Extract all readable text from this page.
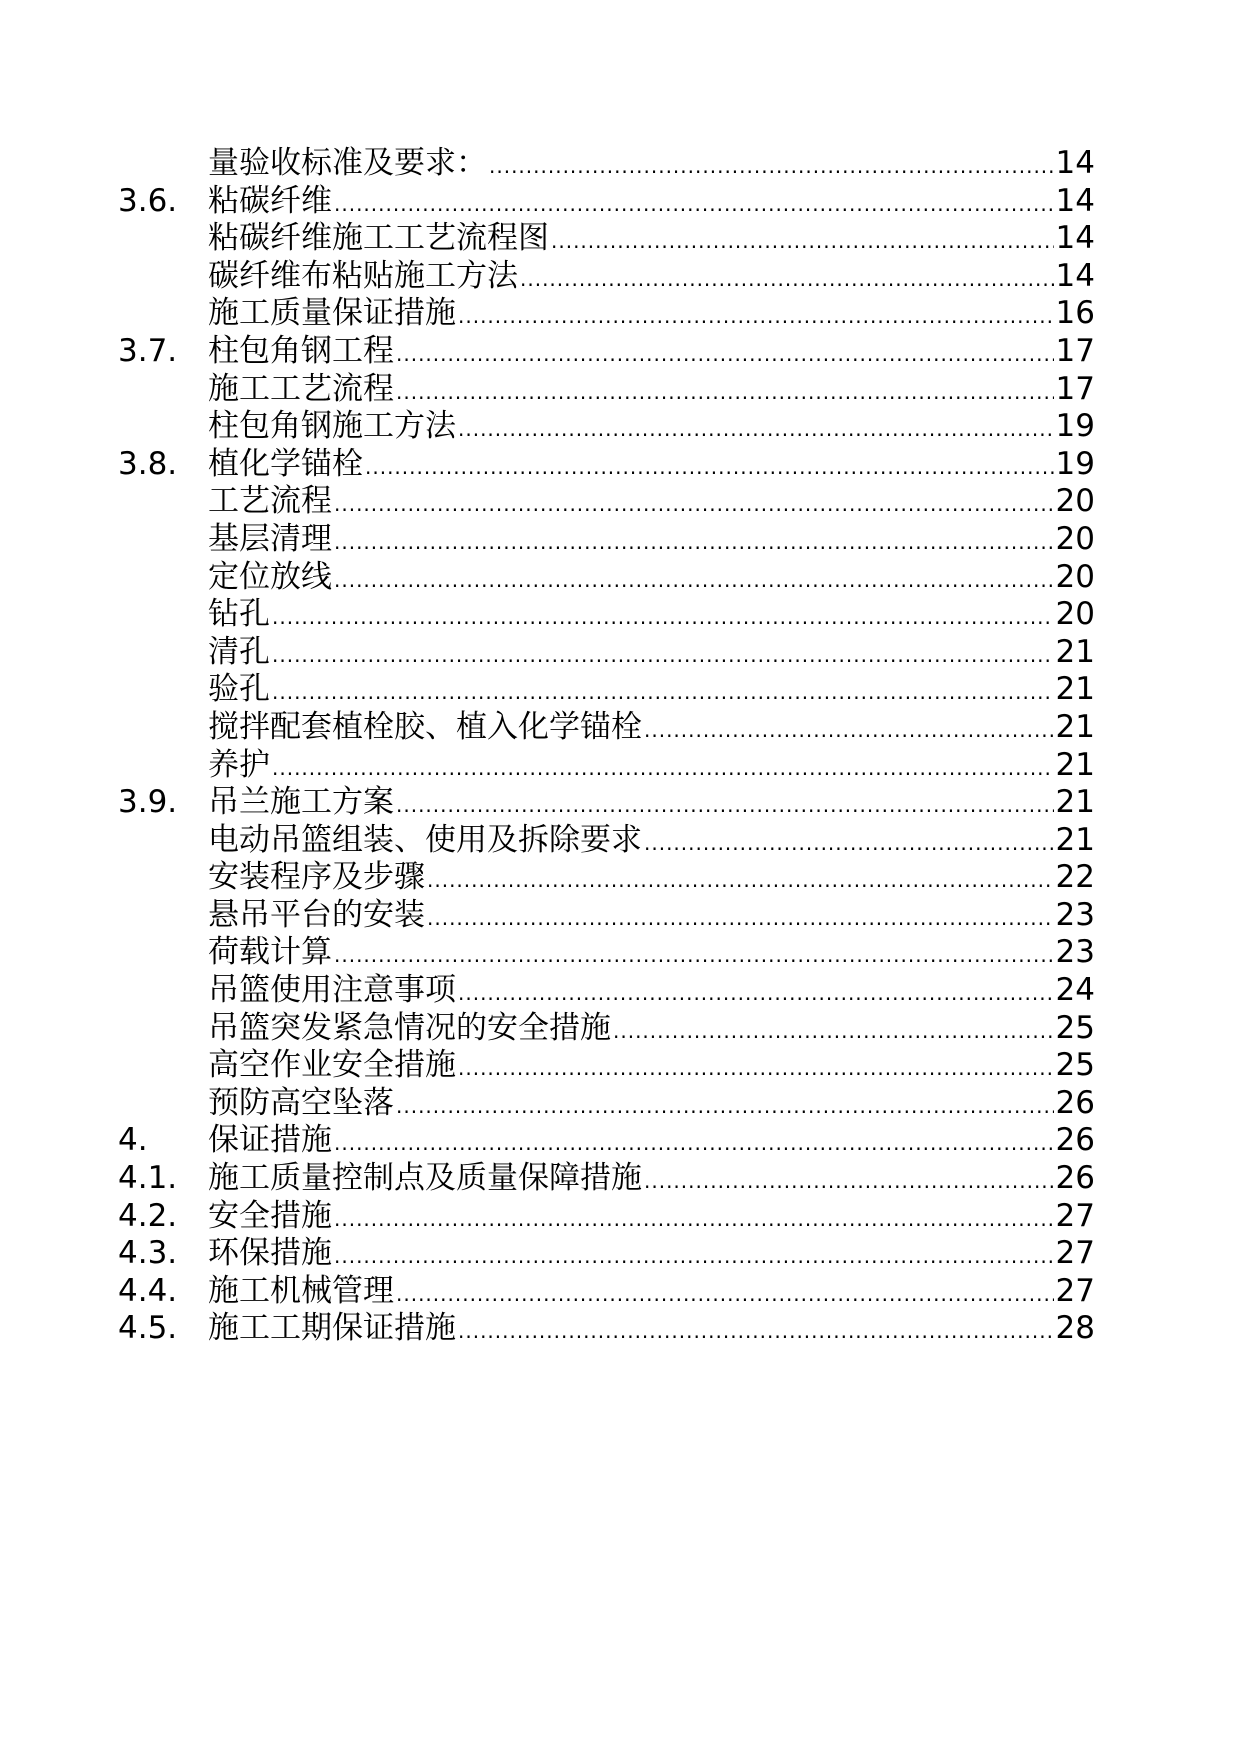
量验收标准及要求： .....	14
3.6. 粘碳纤维 .....	14
粘碳纤维施工工艺流程图 .....	14
碳纤维布粘贴施工方法 .....	14
施工质量保证措施 .....	16
3.7. 柱包角钢工程 .....	17
施工工艺流程 .....	17
柱包角钢施工方法 .....	19
3.8. 植化学锚栓 .....	19
工艺流程 .....	20
基层清理 .....	20
定位放线 .....	20
钻孔 .....	20
清孔 .....	21
验孔 .....	21
搅拌配套植栓胶、植入化学锚栓 .....	21
养护 .....	21
3.9. 吊兰施工方案 .....	21
电动吊篮组装、使用及拆除要求 .....	21
安装程序及步骤 .....	22
悬吊平台的安装 .....	23
荷载计算 .....	23
吊篮使用注意事项 .....	24
吊篮突发紧急情况的安全措施 .....	25
高空作业安全措施 .....	25
预防高空坠落 .....	26
4.	保证措施 .....	26
4.1. 施工质量控制点及质量保障措施 .....	26
4.2. 安全措施 .....	27
4.3. 环保措施 .....	27
4.4. 施工机械管理 .....	27
4.5. 施工工期保证措施 .....	28
